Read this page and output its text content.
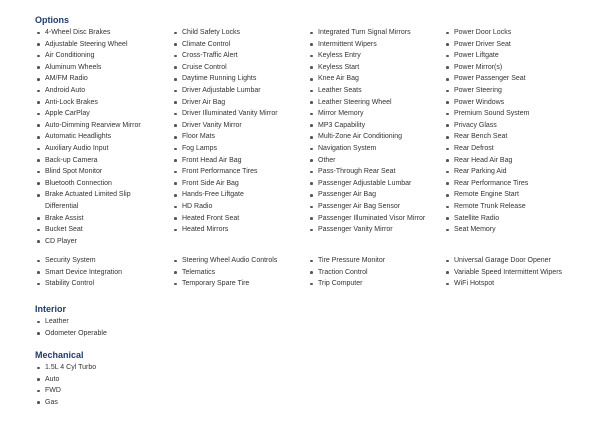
Options
4-Wheel Disc Brakes
Adjustable Steering Wheel
Air Conditioning
Aluminum Wheels
AM/FM Radio
Android Auto
Anti-Lock Brakes
Apple CarPlay
Auto-Dimming Rearview Mirror
Automatic Headlights
Auxiliary Audio Input
Back-up Camera
Blind Spot Monitor
Bluetooth Connection
Brake Actuated Limited Slip Differential
Brake Assist
Bucket Seat
CD Player
Child Safety Locks
Climate Control
Cross-Traffic Alert
Cruise Control
Daytime Running Lights
Driver Adjustable Lumbar
Driver Air Bag
Driver Illuminated Vanity Mirror
Driver Vanity Mirror
Floor Mats
Fog Lamps
Front Head Air Bag
Front Performance Tires
Front Side Air Bag
Hands-Free Liftgate
HD Radio
Heated Front Seat
Heated Mirrors
Integrated Turn Signal Mirrors
Intermittent Wipers
Keyless Entry
Keyless Start
Knee Air Bag
Leather Seats
Leather Steering Wheel
Mirror Memory
MP3 Capability
Multi-Zone Air Conditioning
Navigation System
Other
Pass-Through Rear Seat
Passenger Adjustable Lumbar
Passenger Air Bag
Passenger Air Bag Sensor
Passenger Illuminated Visor Mirror
Passenger Vanity Mirror
Power Door Locks
Power Driver Seat
Power Liftgate
Power Mirror(s)
Power Passenger Seat
Power Steering
Power Windows
Premium Sound System
Privacy Glass
Rear Bench Seat
Rear Defrost
Rear Head Air Bag
Rear Parking Aid
Rear Performance Tires
Remote Engine Start
Remote Trunk Release
Satellite Radio
Seat Memory
Security System
Smart Device Integration
Stability Control
Steering Wheel Audio Controls
Telematics
Temporary Spare Tire
Tire Pressure Monitor
Traction Control
Trip Computer
Universal Garage Door Opener
Variable Speed Intermittent Wipers
WiFi Hotspot
Interior
Leather
Odometer Operable
Mechanical
1.5L 4 Cyl Turbo
Auto
FWD
Gas
